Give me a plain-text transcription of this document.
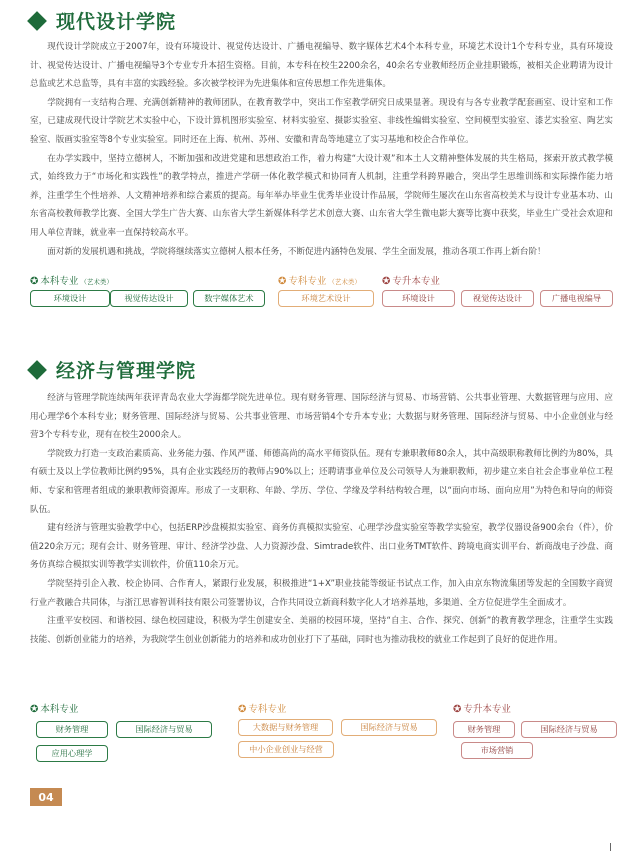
现代设计学院

现代设计学院成立于2007年，设有环境设计、视觉传达设计、广播电视编导、数字媒体艺术4个本科专业，环境艺术设计1个专科专业，具有环境设计、视觉传达设计、广播电视编导3个专业专升本招生资格。目前，本专科在校生2200余名，40余名专业教师经历企业挂职锻炼，被相关企业聘请为设计总监或艺术总监等，具有丰富的实践经验。多次被学校评为先进集体和宣传思想工作先进集体。

学院拥有一支结构合理、充满创新精神的教师团队，在教育教学中，突出工作室教学研究日成果显著。现设有与各专业教学配套画室、设计室和工作室，已建成现代设计学院艺术实验中心，下设计算机图形实验室、材料实验室、摄影实验室、非线性编辑实验室、空间模型实验室、漆艺实验室、陶艺实验室、版画实验室等8个专业实验室。同时还在上海、杭州、苏州、安徽和青岛等地建立了实习基地和校企合作单位。

在办学实践中，坚持立德树人，不断加强和改进党建和思想政治工作，着力构建“大设计观”和本土人文精神整体发展的共生格局，探索开放式教学模式，始终致力于“市场化和实践性”的教学特点，推进产学研一体化教学模式和协同育人机制，注重学科跨界融合，突出学生思维训练和实际操作能力培养，注重学生个性培养、人文精神培养和综合素质的提高。每年举办毕业生优秀毕业设计作品展，学院师生屡次在山东省高校美术与设计专业基本功、山东省高校教师教学比赛、全国大学生广告大赛、山东省大学生新媒体科学艺术创意大赛、山东省大学生微电影大赛等比赛中获奖，毕业生广受社会欢迎和用人单位青睐，就业率一直保持较高水平。

面对新的发展机遇和挑战，学院将继续落实立德树人根本任务，不断促进内涵特色发展、学生全面发展，推动各项工作再上新台阶！

✪ 本科专业 （艺术类）
环境设计	视觉传达设计	数字媒体艺术
✪ 专科专业 （艺术类）
环境艺术设计
✪ 专升本专业
环境设计	视觉传达设计	广播电视编导
经济与管理学院

经济与管理学院连续两年获评青岛农业大学海都学院先进单位。现有财务管理、国际经济与贸易、市场营销、公共事业管理、大数据管理与应用、应用心理学6个本科专业；财务管理、国际经济与贸易、公共事业管理、市场营销4个专升本专业；大数据与财务管理、国际经济与贸易、中小企业创业与经营3个专科专业，现有在校生2000余人。

学院致力打造一支政治素质高、业务能力强、作风严谨、师德高尚的高水平师资队伍。现有专兼职教师80余人，其中高级职称教师比例约为80%，具有硕士及以上学位教师比例约95%，具有企业实践经历的教师占90%以上；还聘请事业单位及公司领导人为兼职教师，初步建立来自社会企事业单位工程师、专家和管理者组成的兼职教师资源库。形成了一支职称、年龄、学历、学位、学缘及学科结构较合理，以“面向市场、面向应用”为特色和导向的师资队伍。

建有经济与管理实验教学中心，包括ERP沙盘模拟实验室、商务仿真模拟实验室、心理学沙盘实验室等教学实验室，教学仪器设备900余台（件），价值220余万元；现有会计、财务管理、审计、经济学沙盘、人力资源沙盘、Simtrade软件、出口业务TMT软件、跨境电商实训平台、新商战电子沙盘、商务仿真综合模拟实训等教学实训软件，价值110余万元。

学院坚持引企入教、校企协同、合作育人，紧跟行业发展，积极推进“1+X”职业技能等级证书试点工作，加入由京东物流集团等发起的全国数字商贸行业产教融合共同体，与浙江思睿智训科技有限公司签署协议，合作共同设立新商科数字化人才培养基地，多渠道、全方位促进学生全面成才。

注重平安校园、和谐校园、绿色校园建设，积极为学生创建安全、美丽的校园环境，坚持“自主、合作、探究、创新”的教育教学理念，注重学生实践技能、创新创业能力的培养，为我院学生创业创新能力的培养和成功创业打下了基础，同时也为推动我校的就业工作起到了良好的促进作用。

✪ 本科专业
财务管理	国际经济与贸易
应用心理学
✪ 专科专业
大数据与财务管理	国际经济与贸易
中小企业创业与经营
✪ 专升本专业
财务管理	国际经济与贸易
市场营销
04
